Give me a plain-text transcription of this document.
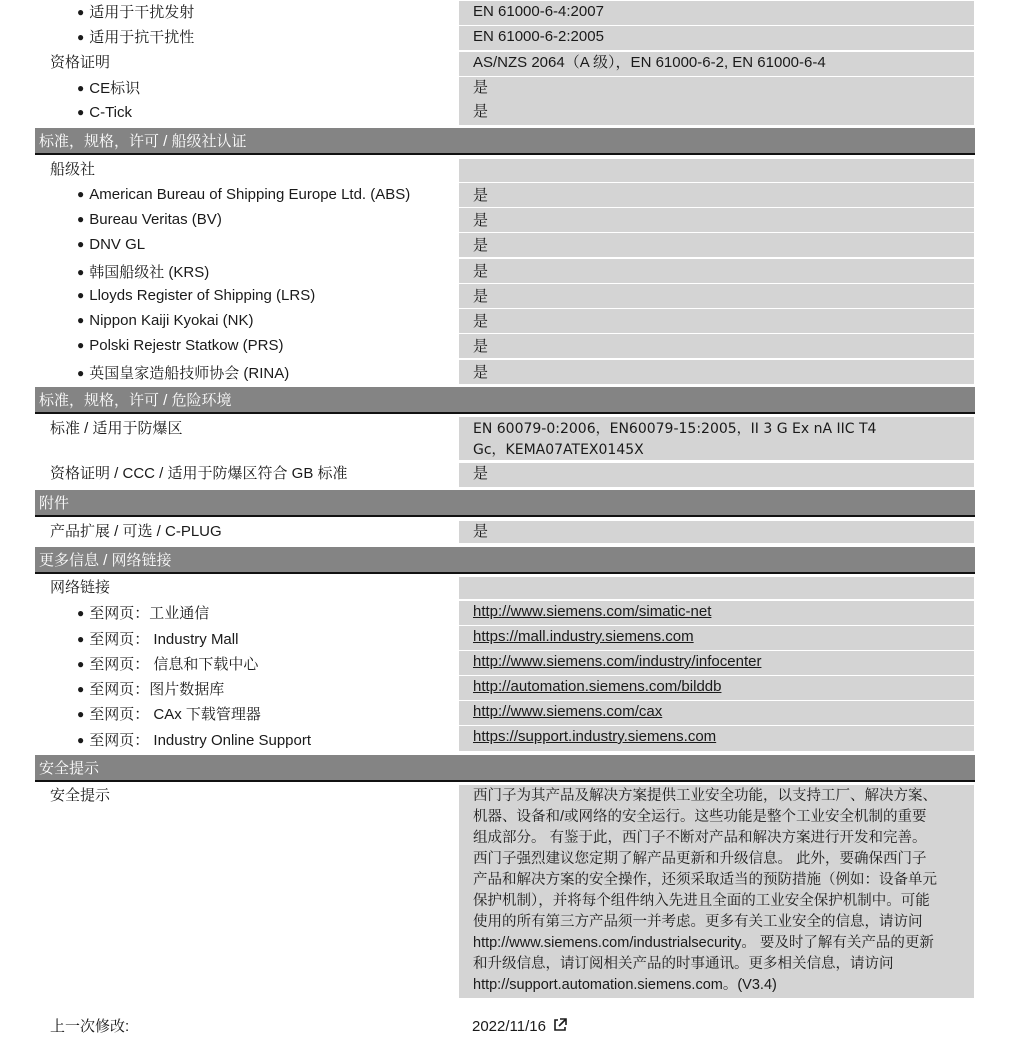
● 适用于干扰发射	EN 61000-6-4:2007
● 适用于抗干扰性	EN 61000-6-2:2005
资格证明	AS/NZS 2064（A 级），EN 61000-6-2, EN 61000-6-4
● CE标识	是
● C-Tick	是
标准，规格，许可 / 船级社认证
船级社
● American Bureau of Shipping Europe Ltd. (ABS)	是
● Bureau Veritas (BV)	是
● DNV GL	是
● 韩国船级社 (KRS)	是
● Lloyds Register of Shipping (LRS)	是
● Nippon Kaiji Kyokai (NK)	是
● Polski Rejestr Statkow (PRS)	是
● 英国皇家造船技师协会 (RINA)	是
标准，规格，许可 / 危险环境
标准 / 适用于防爆区	EN 60079-0:2006，EN60079-15:2005，II 3 G Ex nA IIC T4
Gc，KEMA07ATEX0145X
资格证明 / CCC / 适用于防爆区符合 GB 标准	是
附件
产品扩展 / 可选 / C-PLUG	是
更多信息 / 网络链接
网络链接
● 至网页：工业通信	http://www.siemens.com/simatic-net
● 至网页： Industry Mall	https://mall.industry.siemens.com
● 至网页： 信息和下载中心	http://www.siemens.com/industry/infocenter
● 至网页：图片数据库	http://automation.siemens.com/bilddb
● 至网页： CAx 下载管理器	http://www.siemens.com/cax
● 至网页： Industry Online Support	https://support.industry.siemens.com
安全提示
安全提示	西门子为其产品及解决方案提供工业安全功能，以支持工厂、解决方案、
机器、设备和/或网络的安全运行。这些功能是整个工业安全机制的重要
组成部分。 有鉴于此，西门子不断对产品和解决方案进行开发和完善。
西门子强烈建议您定期了解产品更新和升级信息。 此外，要确保西门子
产品和解决方案的安全操作，还须采取适当的预防措施（例如：设备单元
保护机制），并将每个组件纳入先进且全面的工业安全保护机制中。可能
使用的所有第三方产品须一并考虑。更多有关工业安全的信息，请访问
http://www.siemens.com/industrialsecurity。 要及时了解有关产品的更新
和升级信息，请订阅相关产品的时事通讯。更多相关信息，请访问
http://support.automation.siemens.com。(V3.4)
上一次修改:	2022/11/16
